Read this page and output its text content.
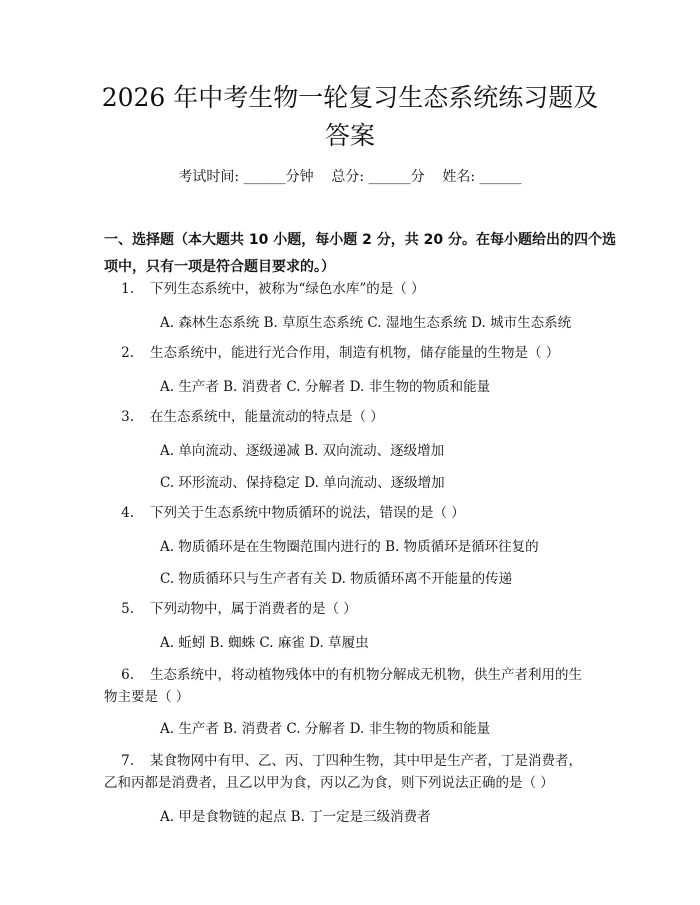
2026 年中考生物一轮复习生态系统练习题及
答案
考试时间: ______分钟    总分: ______分    姓名: ______
一、选择题（本大题共 10 小题，每小题 2 分，共 20 分。在每小题给出的四个选
项中，只有一项是符合题目要求的。）
1. 下列生态系统中，被称为“绿色水库”的是（ ）
A. 森林生态系统 B. 草原生态系统 C. 湿地生态系统 D. 城市生态系统
2. 生态系统中，能进行光合作用，制造有机物，储存能量的生物是（ ）
A. 生产者 B. 消费者 C. 分解者 D. 非生物的物质和能量
3. 在生态系统中，能量流动的特点是（ ）
A. 单向流动、逐级递减 B. 双向流动、逐级增加
C. 环形流动、保持稳定 D. 单向流动、逐级增加
4. 下列关于生态系统中物质循环的说法，错误的是（ ）
A. 物质循环是在生物圈范围内进行的 B. 物质循环是循环往复的
C. 物质循环只与生产者有关 D. 物质循环离不开能量的传递
5. 下列动物中，属于消费者的是（ ）
A. 蚯蚓 B. 蜘蛛 C. 麻雀 D. 草履虫
6. 生态系统中，将动植物残体中的有机物分解成无机物，供生产者利用的生
物主要是（ ）
A. 生产者 B. 消费者 C. 分解者 D. 非生物的物质和能量
7. 某食物网中有甲、乙、丙、丁四种生物，其中甲是生产者，丁是消费者，
乙和丙都是消费者，且乙以甲为食，丙以乙为食，则下列说法正确的是（ ）
A. 甲是食物链的起点 B. 丁一定是三级消费者
